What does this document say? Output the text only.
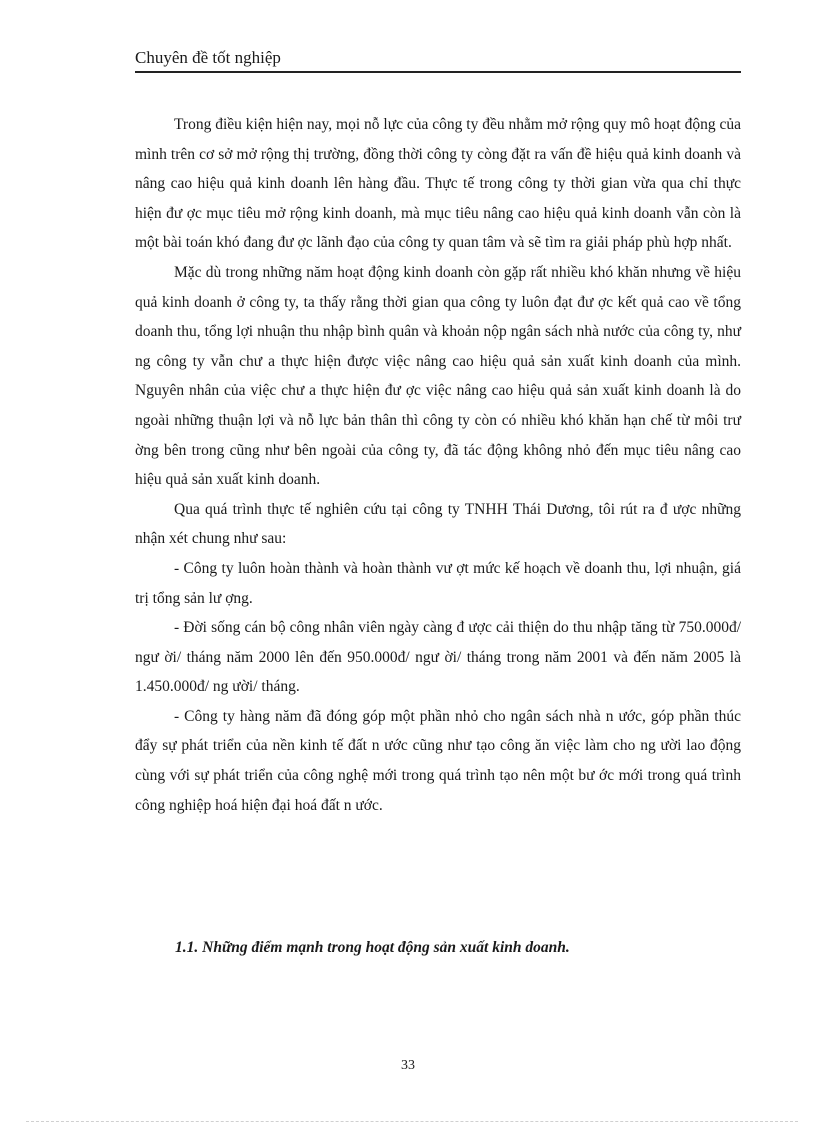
Chuyên đề tốt nghiệp

Trong điều kiện hiện nay, mọi nỗ lực của công ty đều nhằm mở rộng quy mô hoạt động của mình trên cơ sở mở rộng thị trường, đồng thời công ty còng đặt ra vấn đề hiệu quả kinh doanh và nâng cao hiệu quả kinh doanh lên hàng đầu. Thực tế trong công ty thời gian vừa qua chỉ thực hiện đư ợc mục tiêu mở rộng kinh doanh, mà mục tiêu nâng cao hiệu quả kinh doanh vẫn còn là một bài toán khó đang đư ợc lãnh đạo của công ty quan tâm và sẽ tìm ra giải pháp phù hợp nhất.

Mặc dù trong những năm hoạt động kinh doanh còn gặp rất nhiều khó khăn nhưng về hiệu quả kinh doanh ở công ty, ta thấy rằng thời gian qua công ty luôn đạt đư ợc kết quả cao về tổng doanh thu, tổng lợi nhuận thu nhập bình quân và khoản nộp ngân sách nhà nước của công ty, như ng công ty vẫn chư a thực hiện được việc nâng cao hiệu quả sản xuất kinh doanh của mình. Nguyên nhân của việc chư a thực hiện đư ợc việc nâng cao hiệu quả sản xuất kinh doanh là do ngoài những thuận lợi và nỗ lực bản thân thì công ty còn có nhiều khó khăn hạn chế từ môi trư ờng bên trong cũng như bên ngoài của công ty, đã tác động không nhỏ đến mục tiêu nâng cao hiệu quả sản xuất kinh doanh.

Qua quá trình thực tế nghiên cứu tại công ty TNHH Thái Dương, tôi rút ra đ ược những nhận xét chung như sau:

- Công ty luôn hoàn thành và hoàn thành vư ợt mức kế hoạch về doanh thu, lợi nhuận, giá trị tổng sản lư ợng.

- Đời sống cán bộ công nhân viên ngày càng đ ược cải thiện do thu nhập tăng từ 750.000đ/ ngư ời/ tháng năm 2000 lên đến 950.000đ/ ngư ời/ tháng trong năm 2001 và đến năm 2005 là 1.450.000đ/ ng ười/ tháng.

- Công ty hàng năm đã đóng góp một phần nhỏ cho ngân sách nhà n ước, góp phần thúc đẩy sự phát triển của nền kinh tế đất n ước cũng như tạo công ăn việc làm cho ng ười lao động cùng với sự phát triển của công nghệ mới trong quá trình tạo nên một bư ớc mới trong quá trình công nghiệp hoá hiện đại hoá đất n ước.

1.1. Những điểm mạnh trong hoạt động sản xuất kinh doanh.
33
